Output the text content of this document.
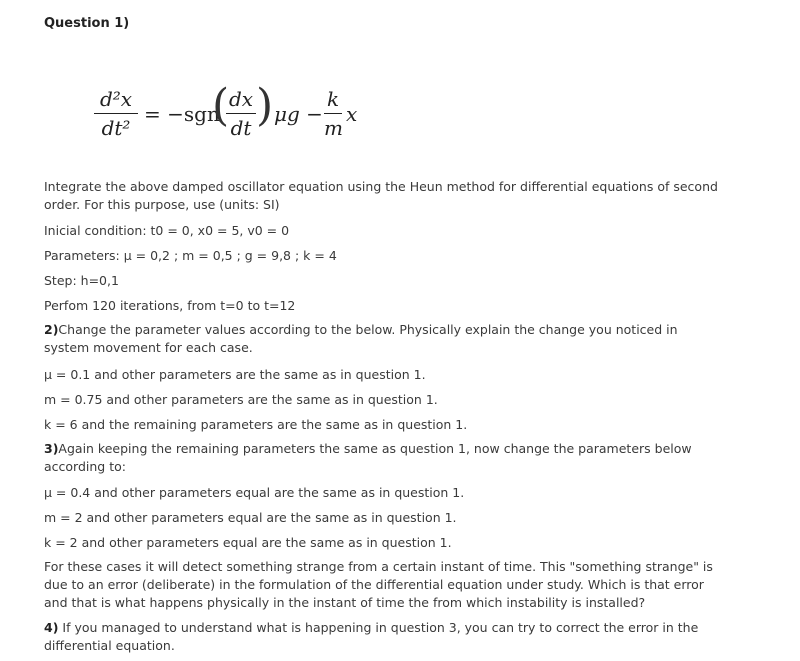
Question 1)
d²x
dt²
= −sgn
( dx
dt ) μg −
k
m
x
Integrate the above damped oscillator equation using the Heun method for differential equations of second order. For this purpose, use (units: SI)
Inicial condition: t0 = 0, x0 = 5, v0 = 0
Parameters: μ = 0,2 ; m = 0,5 ; g = 9,8 ; k = 4
Step: h=0,1
Perfom 120 iterations, from t=0 to t=12
2)Change the parameter values according to the below. Physically explain the change you noticed in system movement for each case.
μ = 0.1 and other parameters are the same as in question 1.
m = 0.75 and other parameters are the same as in question 1.
k = 6 and the remaining parameters are the same as in question 1.
3)Again keeping the remaining parameters the same as question 1, now change the parameters below according to:
μ = 0.4 and other parameters equal are the same as in question 1.
m = 2 and other parameters equal are the same as in question 1.
k = 2 and other parameters equal are the same as in question 1.
For these cases it will detect something strange from a certain instant of time. This "something strange" is due to an error (deliberate) in the formulation of the differential equation under study. Which is that error and that is what happens physically in the instant of time the from which instability is installed?
4) If you managed to understand what is happening in question 3, you can try to correct the error in the differential equation.
